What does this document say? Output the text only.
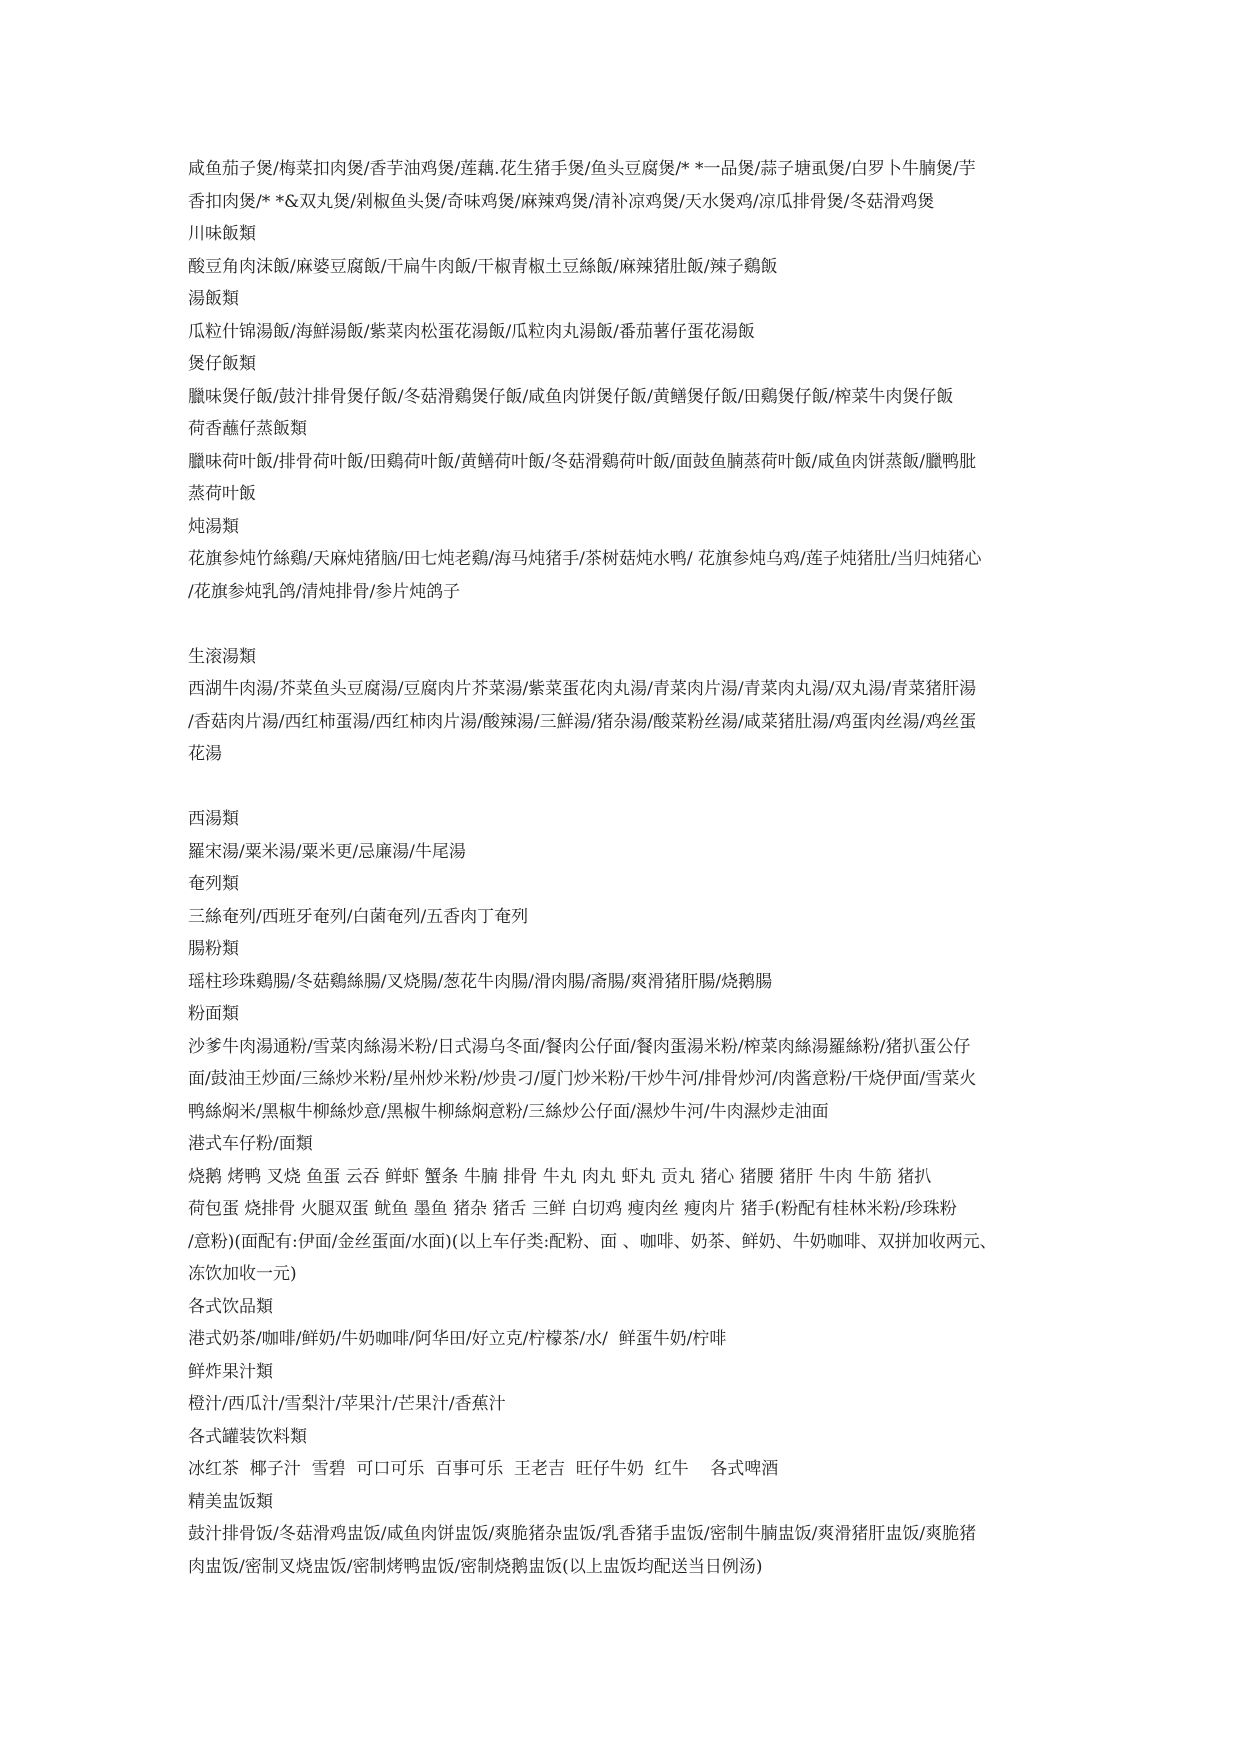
咸鱼茄子煲/梅菜扣肉煲/香芋油鸡煲/莲藕.花生猪手煲/鱼头豆腐煲/* *一品煲/蒜子塘虱煲/白罗卜牛腩煲/芋

香扣肉煲/* *&双丸煲/剁椒鱼头煲/奇味鸡煲/麻辣鸡煲/清补凉鸡煲/天水煲鸡/凉瓜排骨煲/冬菇滑鸡煲

川味飯類

酸豆角肉沫飯/麻婆豆腐飯/干扁牛肉飯/干椒青椒土豆絲飯/麻辣猪肚飯/辣子鷄飯

湯飯類

瓜粒什锦湯飯/海鮮湯飯/紫菜肉松蛋花湯飯/瓜粒肉丸湯飯/番茄薯仔蛋花湯飯

煲仔飯類

臘味煲仔飯/鼓汁排骨煲仔飯/冬菇滑鷄煲仔飯/咸鱼肉饼煲仔飯/黄鳝煲仔飯/田鷄煲仔飯/榨菜牛肉煲仔飯

荷香蘸仔蒸飯類

臘味荷叶飯/排骨荷叶飯/田鷄荷叶飯/黄鳝荷叶飯/冬菇滑鷄荷叶飯/面鼓鱼腩蒸荷叶飯/咸鱼肉饼蒸飯/臘鸭肶

蒸荷叶飯

炖湯類

花旗参炖竹絲鷄/天麻炖猪脑/田七炖老鷄/海马炖猪手/茶树菇炖水鸭/ 花旗参炖乌鸡/莲子炖猪肚/当归炖猪心

/花旗参炖乳鸽/清炖排骨/参片炖鸽子

生滚湯類

西湖牛肉湯/芥菜鱼头豆腐湯/豆腐肉片芥菜湯/紫菜蛋花肉丸湯/青菜肉片湯/青菜肉丸湯/双丸湯/青菜猪肝湯

/香菇肉片湯/西红柿蛋湯/西红柿肉片湯/酸辣湯/三鮮湯/猪杂湯/酸菜粉丝湯/咸菜猪肚湯/鸡蛋肉丝湯/鸡丝蛋

花湯

西湯類

羅宋湯/粟米湯/粟米更/忌廉湯/牛尾湯

奄列類

三絲奄列/西班牙奄列/白菌奄列/五香肉丁奄列

腸粉類

瑶柱珍珠鷄腸/冬菇鷄絲腸/叉烧腸/葱花牛肉腸/滑肉腸/斋腸/爽滑猪肝腸/烧鹅腸

粉面類

沙爹牛肉湯通粉/雪菜肉絲湯米粉/日式湯乌冬面/餐肉公仔面/餐肉蛋湯米粉/榨菜肉絲湯羅絲粉/猪扒蛋公仔

面/鼓油王炒面/三絲炒米粉/星州炒米粉/炒贵刁/厦门炒米粉/干炒牛河/排骨炒河/肉酱意粉/干烧伊面/雪菜火

鸭絲焖米/黑椒牛柳絲炒意/黑椒牛柳絲焖意粉/三絲炒公仔面/濕炒牛河/牛肉濕炒走油面

港式车仔粉/面類

烧鹅 烤鸭 叉烧 鱼蛋 云吞 鲜虾 蟹条 牛腩 排骨 牛丸 肉丸 虾丸 贡丸 猪心 猪腰 猪肝 牛肉 牛筋 猪扒

荷包蛋 烧排骨 火腿双蛋 鱿鱼 墨鱼 猪杂 猪舌 三鲜 白切鸡 瘦肉丝 瘦肉片 猪手(粉配有桂林米粉/珍珠粉

/意粉)(面配有:伊面/金丝蛋面/水面)(以上车仔类:配粉、面 、咖啡、奶茶、鲜奶、牛奶咖啡、双拼加收两元、

冻饮加收一元)

各式饮品類

港式奶茶/咖啡/鲜奶/牛奶咖啡/阿华田/好立克/柠檬茶/水/  鲜蛋牛奶/柠啡

鲜炸果汁類

橙汁/西瓜汁/雪梨汁/苹果汁/芒果汁/香蕉汁

各式罐装饮料類

冰红茶  椰子汁  雪碧  可口可乐  百事可乐  王老吉  旺仔牛奶  红牛    各式啤酒

精美盅饭類

鼓汁排骨饭/冬菇滑鸡盅饭/咸鱼肉饼盅饭/爽脆猪杂盅饭/乳香猪手盅饭/密制牛腩盅饭/爽滑猪肝盅饭/爽脆猪

肉盅饭/密制叉烧盅饭/密制烤鸭盅饭/密制烧鹅盅饭(以上盅饭均配送当日例汤)
